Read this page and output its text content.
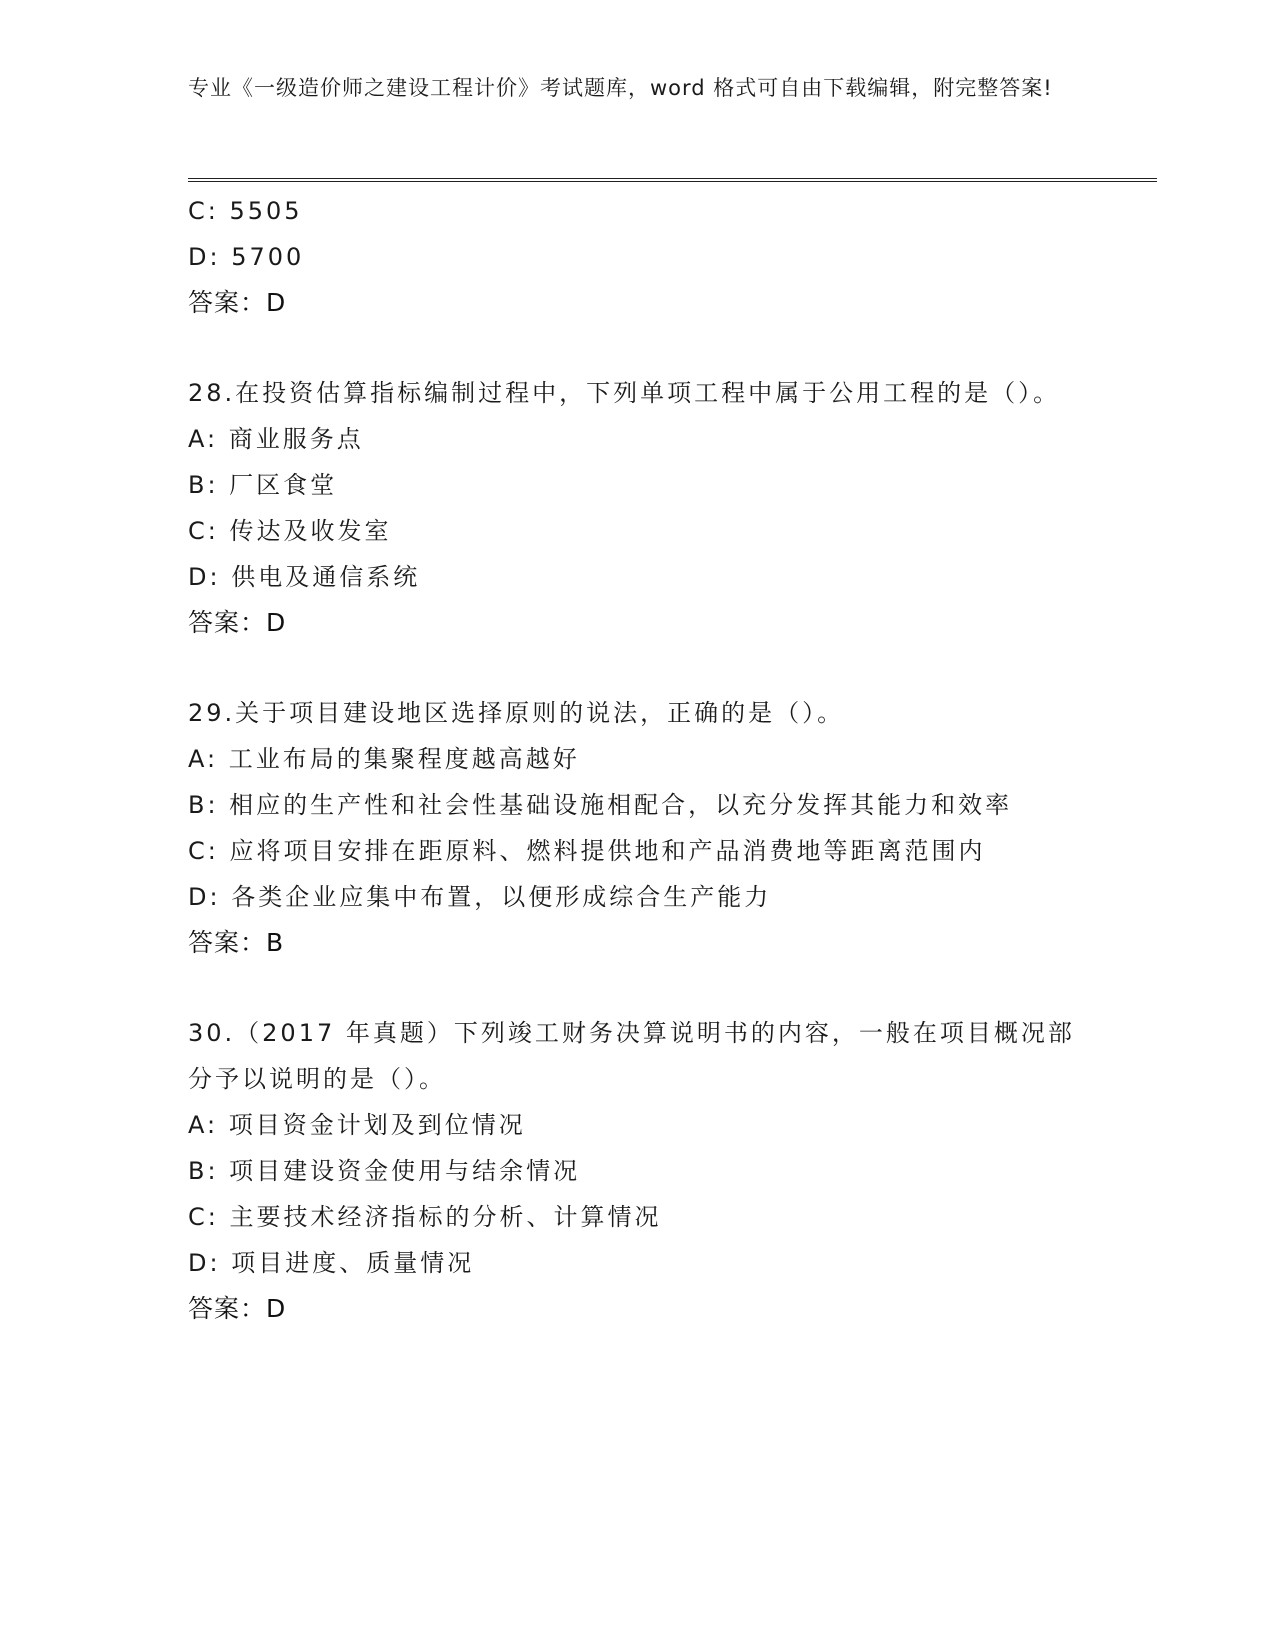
专业《一级造价师之建设工程计价》考试题库，word 格式可自由下载编辑，附完整答案!
C: 5505
D: 5700
答案：D
28.在投资估算指标编制过程中，下列单项工程中属于公用工程的是（）。
A: 商业服务点
B: 厂区食堂
C: 传达及收发室
D: 供电及通信系统
答案：D
29.关于项目建设地区选择原则的说法，正确的是（）。
A: 工业布局的集聚程度越高越好
B: 相应的生产性和社会性基础设施相配合，以充分发挥其能力和效率
C: 应将项目安排在距原料、燃料提供地和产品消费地等距离范围内
D: 各类企业应集中布置，以便形成综合生产能力
答案：B
30.（2017 年真题）下列竣工财务决算说明书的内容，一般在项目概况部分予以说明的是（）。
A: 项目资金计划及到位情况
B: 项目建设资金使用与结余情况
C: 主要技术经济指标的分析、计算情况
D: 项目进度、质量情况
答案：D
